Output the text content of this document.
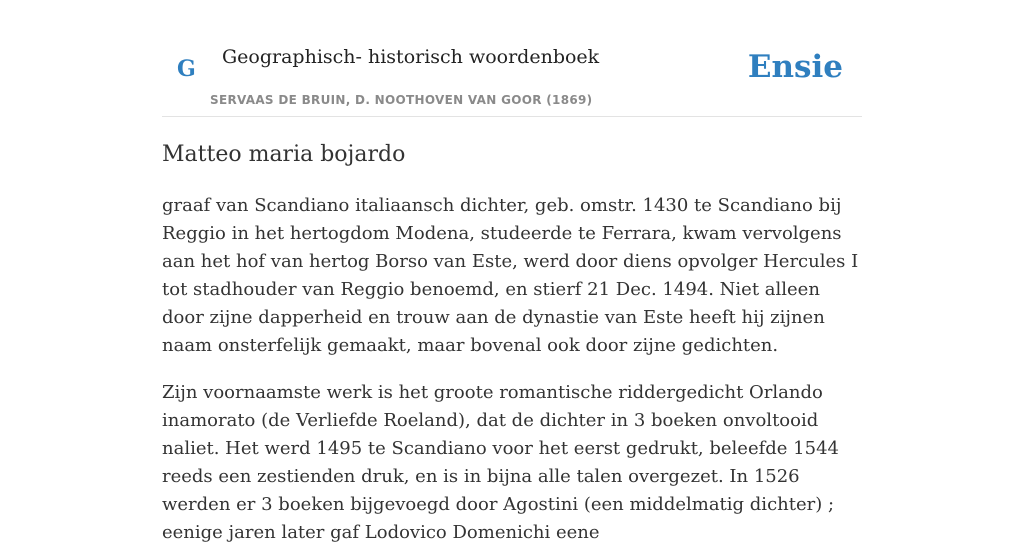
G Geographisch- historisch woordenboek
SERVAAS DE BRUIN, D. NOOTHOVEN VAN GOOR (1869)
Ensie
Matteo maria bojardo

graaf van Scandiano italiaansch dichter, geb. omstr. 1430 te Scandiano bij Reggio in het hertogdom Modena, studeerde te Ferrara, kwam vervolgens aan het hof van hertog Borso van Este, werd door diens opvolger Hercules I tot stadhouder van Reggio benoemd, en stierf 21 Dec. 1494. Niet alleen door zijne dapperheid en trouw aan de dynastie van Este heeft hij zijnen naam onsterfelijk gemaakt, maar bovenal ook door zijne gedichten.

Zijn voornaamste werk is het groote romantische riddergedicht Orlando inamorato (de Verliefde Roeland), dat de dichter in 3 boeken onvoltooid naliet. Het werd 1495 te Scandiano voor het eerst gedrukt, beleefde 1544 reeds een zestienden druk, en is in bijna alle talen overgezet. In 1526 werden er 3 boeken bijgevoegd door Agostini (een middelmatig dichter) ; eenige jaren later gaf Lodovico Domenichi eene
